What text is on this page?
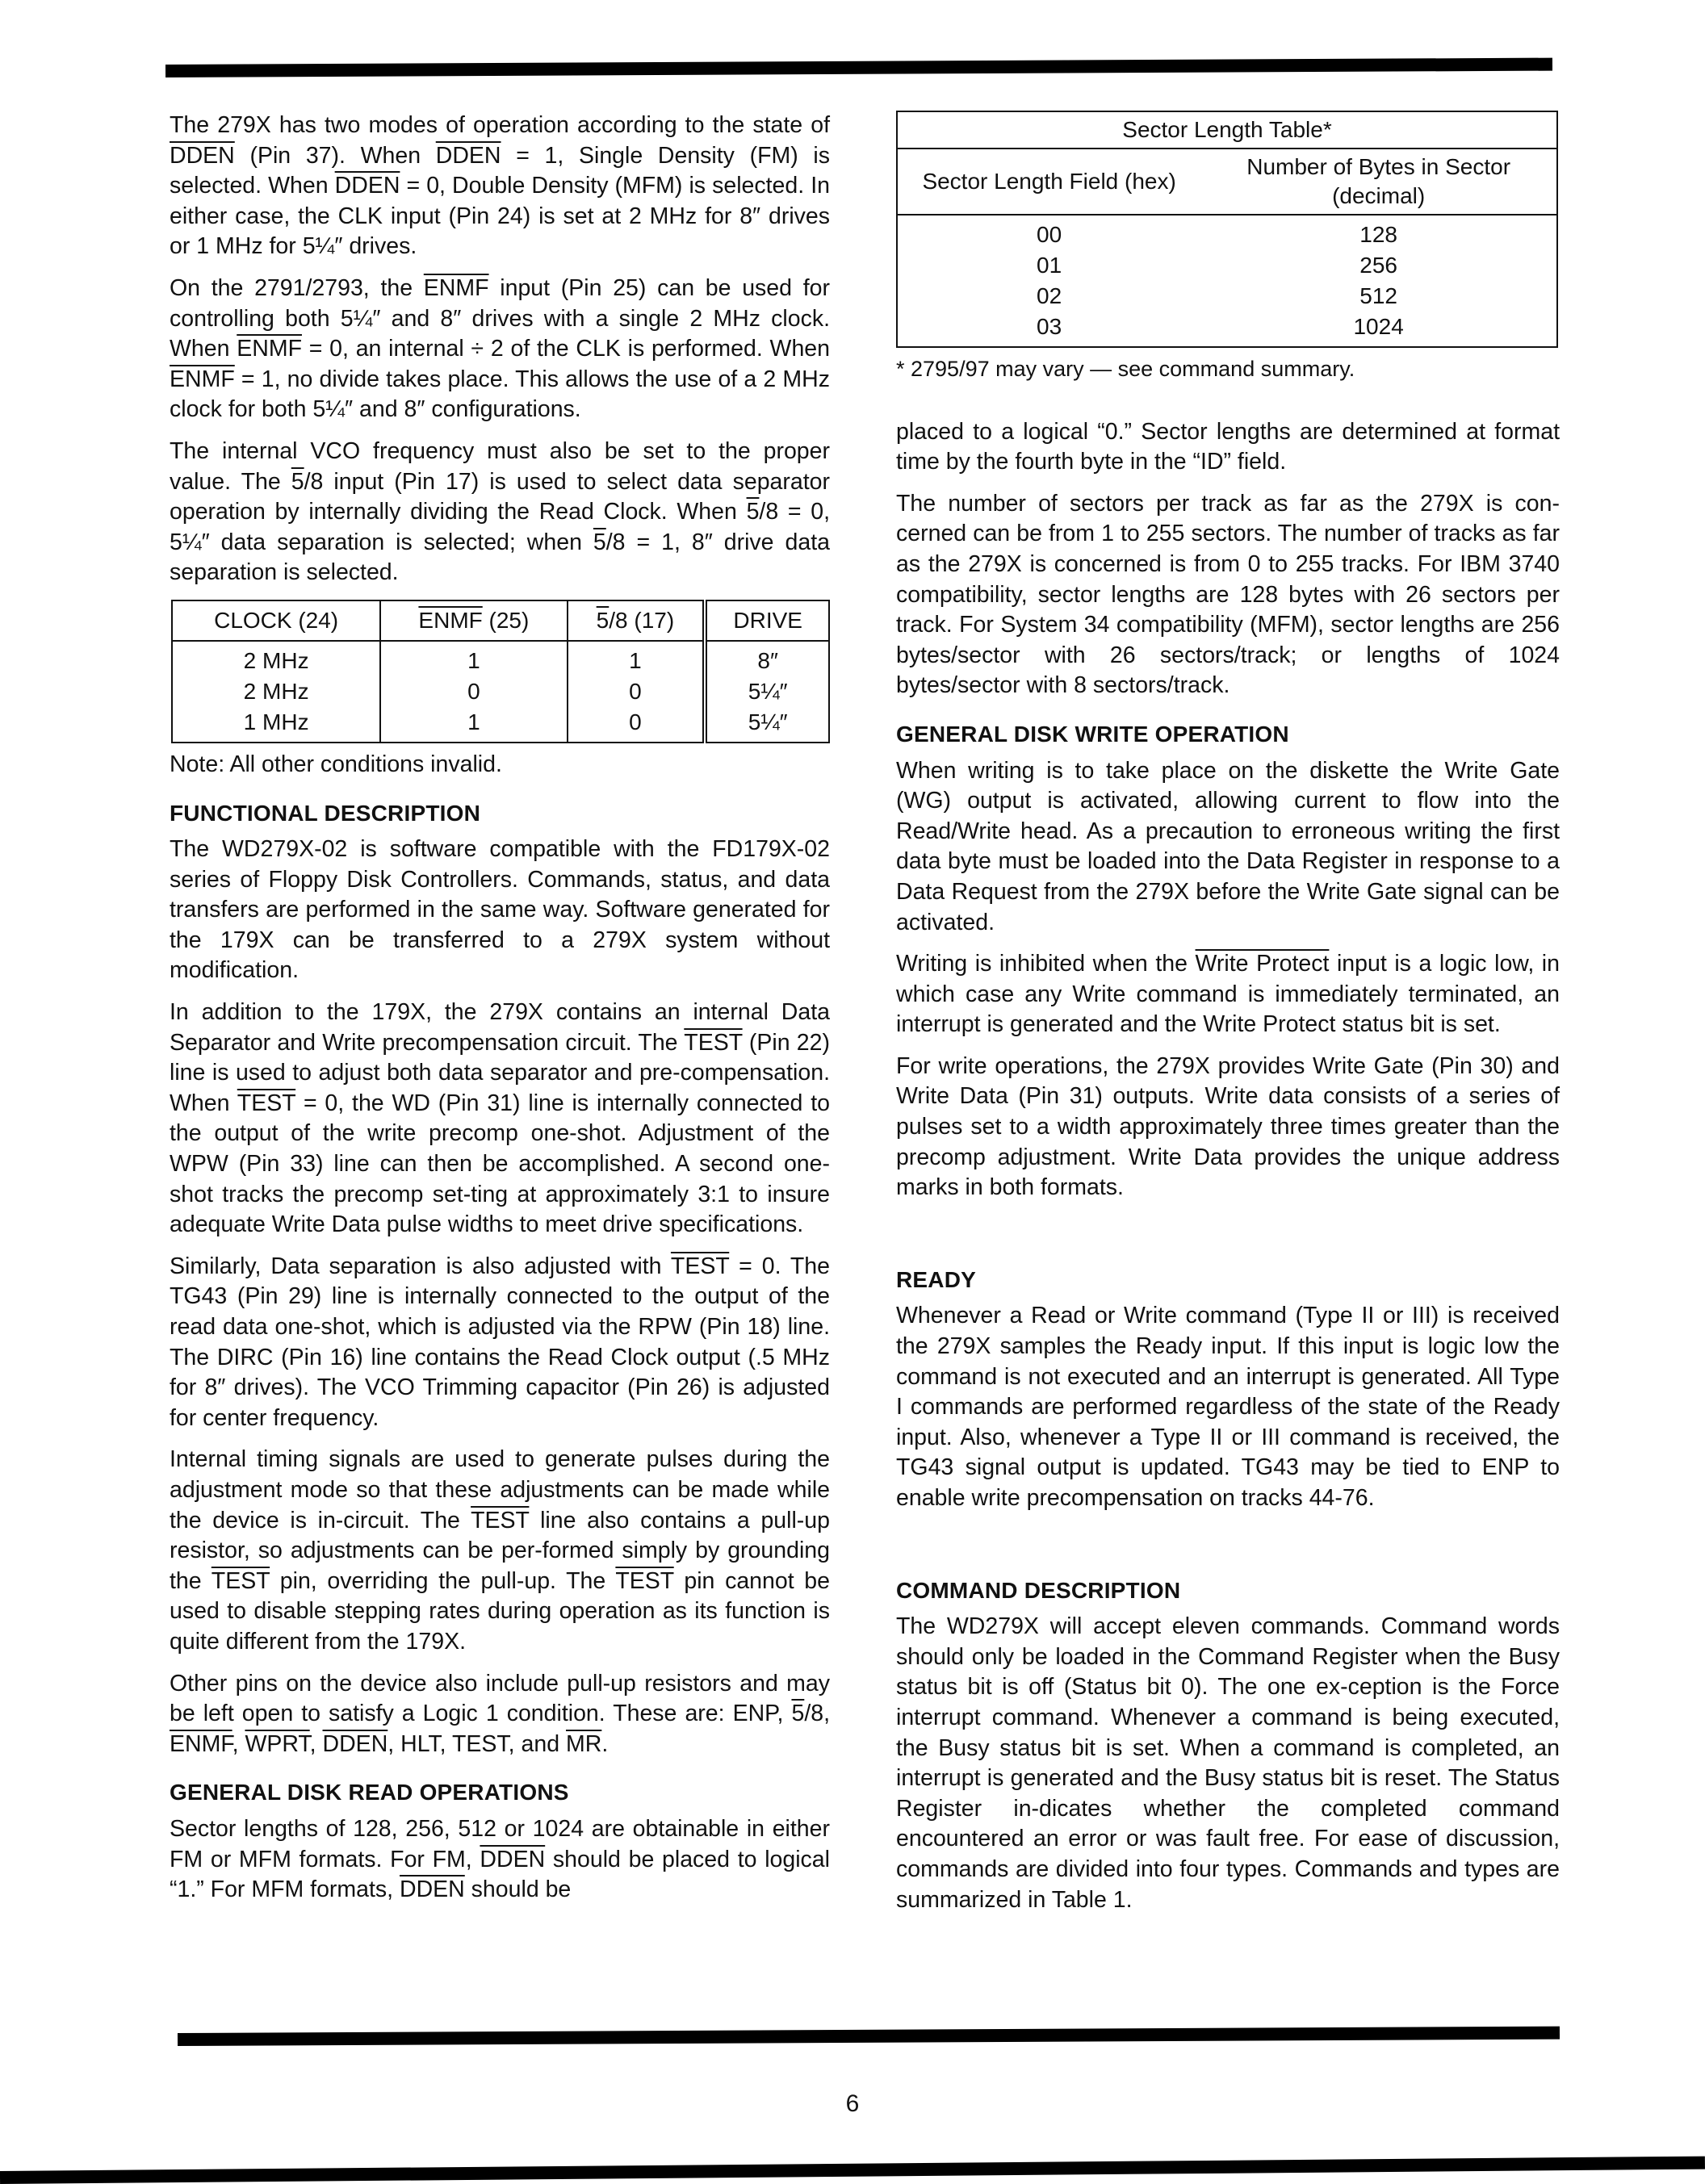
The 279X has two modes of operation according to the state of DDEN (Pin 37). When DDEN = 1, Single Density (FM) is selected. When DDEN = 0, Double Density (MFM) is selected. In either case, the CLK input (Pin 24) is set at 2 MHz for 8″ drives or 1 MHz for 5¼″ drives.

On the 2791/2793, the ENMF input (Pin 25) can be used for controlling both 5¼″ and 8″ drives with a single 2 MHz clock. When ENMF = 0, an internal ÷ 2 of the CLK is performed. When ENMF = 1, no divide takes place. This allows the use of a 2 MHz clock for both 5¼″ and 8″ configurations.

The internal VCO frequency must also be set to the proper value. The 5/8 input (Pin 17) is used to select data separator operation by internally dividing the Read Clock. When 5/8 = 0, 5¼″ data separation is selected; when 5/8 = 1, 8″ drive data separation is selected.

CLOCK (24)	ENMF (25)	5/8 (17)	DRIVE
2 MHz	1	1	8″
2 MHz	0	0	5¼″
1 MHz	1	0	5¼″

Note: All other conditions invalid.

FUNCTIONAL DESCRIPTION

The WD279X-02 is software compatible with the FD179X-02 series of Floppy Disk Controllers. Commands, status, and data transfers are performed in the same way. Software generated for the 179X can be transferred to a 279X system without modification.

In addition to the 179X, the 279X contains an internal Data Separator and Write precompensation circuit. The TEST (Pin 22) line is used to adjust both data separator and pre-compensation. When TEST = 0, the WD (Pin 31) line is internally connected to the output of the write precomp one-shot. Adjustment of the WPW (Pin 33) line can then be accomplished. A second one-shot tracks the precomp set-ting at approximately 3:1 to insure adequate Write Data pulse widths to meet drive specifications.

Similarly, Data separation is also adjusted with TEST = 0. The TG43 (Pin 29) line is internally connected to the output of the read data one-shot, which is adjusted via the RPW (Pin 18) line. The DIRC (Pin 16) line contains the Read Clock output (.5 MHz for 8″ drives). The VCO Trimming capacitor (Pin 26) is adjusted for center frequency.

Internal timing signals are used to generate pulses during the adjustment mode so that these adjustments can be made while the device is in-circuit. The TEST line also contains a pull-up resistor, so adjustments can be per-formed simply by grounding the TEST pin, overriding the pull-up. The TEST pin cannot be used to disable stepping rates during operation as its function is quite different from the 179X.

Other pins on the device also include pull-up resistors and may be left open to satisfy a Logic 1 condition. These are: ENP, 5/8, ENMF, WPRT, DDEN, HLT, TEST, and $\overline{MR}$.

GENERAL DISK READ OPERATIONS

Sector lengths of 128, 256, 512 or 1024 are obtainable in either FM or MFM formats. For FM, DDEN should be placed to logical “1.” For MFM formats, DDEN should be

Sector Length Table*	
Sector Length Field (hex)	Number of Bytes in Sector (decimal)
00	128
01	256
02	512
03	1024

* 2795/97 may vary — see command summary.

placed to a logical “0.” Sector lengths are determined at format time by the fourth byte in the “ID” field.

The number of sectors per track as far as the 279X is con-cerned can be from 1 to 255 sectors. The number of tracks as far as the 279X is concerned is from 0 to 255 tracks. For IBM 3740 compatibility, sector lengths are 128 bytes with 26 sectors per track. For System 34 compatibility (MFM), sector lengths are 256 bytes/sector with 26 sectors/track; or lengths of 1024 bytes/sector with 8 sectors/track.

GENERAL DISK WRITE OPERATION

When writing is to take place on the diskette the Write Gate (WG) output is activated, allowing current to flow into the Read/Write head. As a precaution to erroneous writing the first data byte must be loaded into the Data Register in response to a Data Request from the 279X before the Write Gate signal can be activated.

Writing is inhibited when the Write Protect input is a logic low, in which case any Write command is immediately terminated, an interrupt is generated and the Write Protect status bit is set.

For write operations, the 279X provides Write Gate (Pin 30) and Write Data (Pin 31) outputs. Write data consists of a series of pulses set to a width approximately three times greater than the precomp adjustment. Write Data provides the unique address marks in both formats.

READY

Whenever a Read or Write command (Type II or III) is received the 279X samples the Ready input. If this input is logic low the command is not executed and an interrupt is generated. All Type I commands are performed regardless of the state of the Ready input. Also, whenever a Type II or III command is received, the TG43 signal output is updated. TG43 may be tied to ENP to enable write precompensation on tracks 44-76.

COMMAND DESCRIPTION

The WD279X will accept eleven commands. Command words should only be loaded in the Command Register when the Busy status bit is off (Status bit 0). The one ex-ception is the Force interrupt command. Whenever a command is being executed, the Busy status bit is set. When a command is completed, an interrupt is generated and the Busy status bit is reset. The Status Register in-dicates whether the completed command encountered an error or was fault free. For ease of discussion, commands are divided into four types. Commands and types are summarized in Table 1.

6
